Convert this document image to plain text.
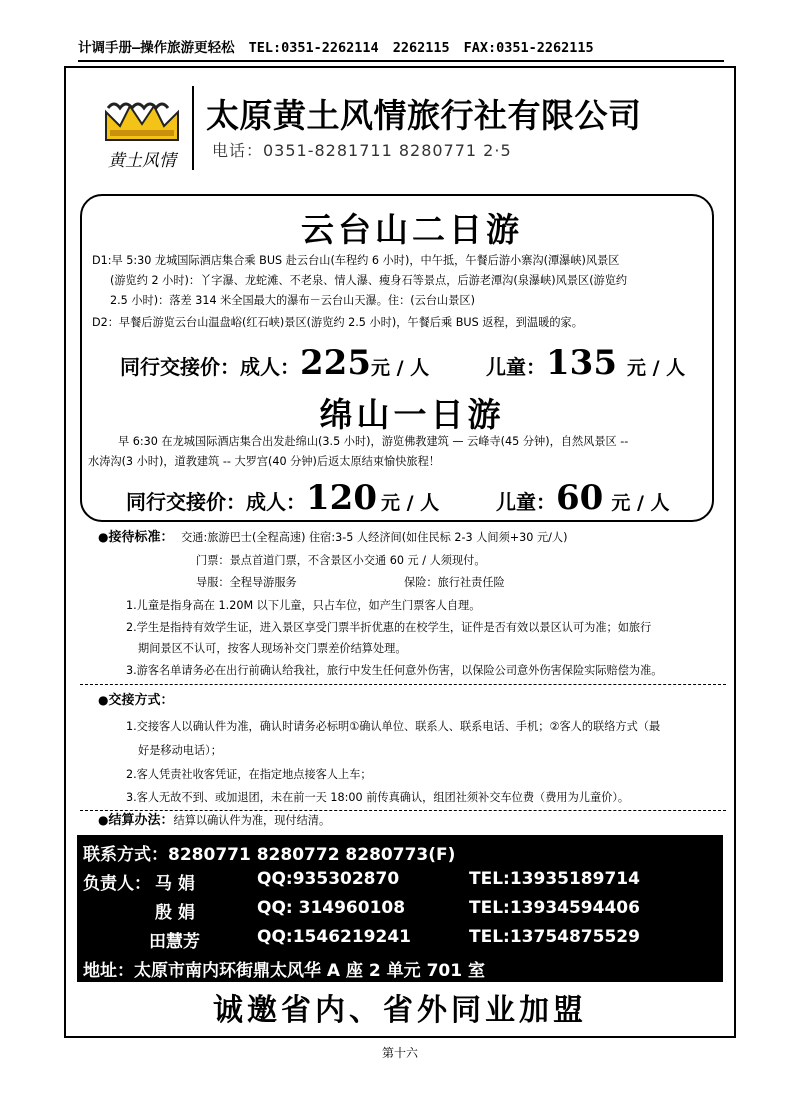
计调手册—操作旅游更轻松 TEL:0351-2262114 2262115 FAX:0351-2262115
黄土风情
太原黄土风情旅行社有限公司
电话：0351-8281711 8280771 2·5
云台山二日游
D1:早 5:30 龙城国际酒店集合乘 BUS 赴云台山(车程约 6 小时)，中午抵，午餐后游小寨沟(潭瀑峡)风景区
(游览约 2 小时)：丫字瀑、龙蛇滩、不老泉、情人瀑、瘦身石等景点，后游老潭沟(泉瀑峡)风景区(游览约
2.5 小时)：落差 314 米全国最大的瀑布－云台山天瀑。住：(云台山景区)
D2：早餐后游览云台山温盘峪(红石峡)景区(游览约 2.5 小时)，午餐后乘 BUS 返程，到温暖的家。
同行交接价：成人：225元 / 人	儿童：135 元 / 人
绵山一日游
早 6:30 在龙城国际酒店集合出发赴绵山(3.5 小时)，游览佛教建筑 — 云峰寺(45 分钟)，自然风景区 --
水涛沟(3 小时)，道教建筑 -- 大罗宫(40 分钟)后返太原结束愉快旅程！
同行交接价：成人：120 元 / 人	儿童：60 元 / 人
●接待标准： 交通:旅游巴士(全程高速) 住宿:3-5 人经济间(如住民标 2-3 人间须+30 元/人)
门票：景点首道门票，不含景区小交通 60 元 / 人须现付。
导服：全程导游服务	保险：旅行社责任险
1.儿童是指身高在 1.20M 以下儿童，只占车位，如产生门票客人自理。
2.学生是指持有效学生证，进入景区享受门票半折优惠的在校学生，证件是否有效以景区认可为准；如旅行
期间景区不认可，按客人现场补交门票差价结算处理。
3.游客名单请务必在出行前确认给我社，旅行中发生任何意外伤害，以保险公司意外伤害保险实际赔偿为准。
●交接方式：
1.交接客人以确认件为准，确认时请务必标明①确认单位、联系人、联系电话、手机；②客人的联络方式（最
好是移动电话）；
2.客人凭责社收客凭证，在指定地点接客人上车；
3.客人无故不到、或加退团，未在前一天 18:00 前传真确认，组团社须补交车位费（费用为儿童价）。
●结算办法：结算以确认件为准，现付结清。
联系方式：8280771 8280772 8280773(F)
负责人： 马 娟	QQ:935302870	TEL:13935189714
殷 娟	QQ: 314960108	TEL:13934594406
田慧芳	QQ:1546219241	TEL:13754875529
地址：太原市南内环街鼎太风华 A 座 2 单元 701 室
诚邀省内、省外同业加盟
第十六
